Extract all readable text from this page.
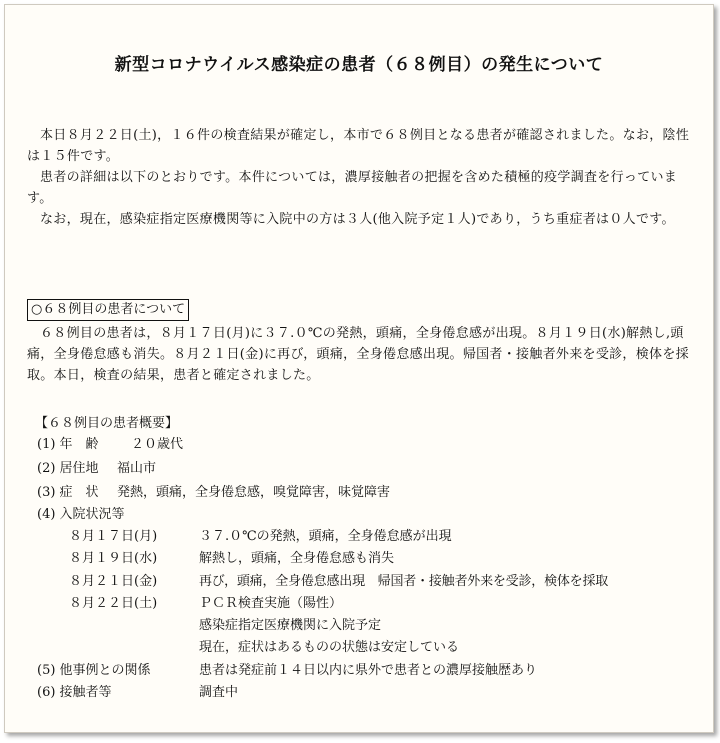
新型コロナウイルス感染症の患者（６８例目）の発生について

本日８月２２日(土)，１６件の検査結果が確定し，本市で６８例目となる患者が確認されました。なお，陰性は１５件です。

患者の詳細は以下のとおりです。本件については，濃厚接触者の把握を含めた積極的疫学調査を行っています。

なお，現在，感染症指定医療機関等に入院中の方は３人(他入院予定１人)であり，うち重症者は０人です。

○６８例目の患者について

６８例目の患者は，８月１７日(月)に３７.０℃の発熱，頭痛，全身倦怠感が出現。８月１９日(水)解熱し,頭痛，全身倦怠感も消失。８月２１日(金)に再び，頭痛，全身倦怠感出現。帰国者・接触者外来を受診，検体を採取。本日，検査の結果，患者と確定されました。

【６８例目の患者概要】
(1) 年　齢 ２０歳代
(2) 居住地 福山市
(3) 症　状 発熱，頭痛，全身倦怠感，嗅覚障害，味覚障害
(4) 入院状況等
８月１７日(月)	３７.０℃の発熱，頭痛，全身倦怠感が出現
８月１９日(水)	解熱し，頭痛，全身倦怠感も消失
８月２１日(金)	再び，頭痛，全身倦怠感出現　帰国者・接触者外来を受診，検体を採取
８月２２日(土)	ＰＣＲ検査実施（陽性）
感染症指定医療機関に入院予定
現在，症状はあるものの状態は安定している
(5) 他事例との関係	患者は発症前１４日以内に県外で患者との濃厚接触歴あり
(6) 接触者等	調査中
